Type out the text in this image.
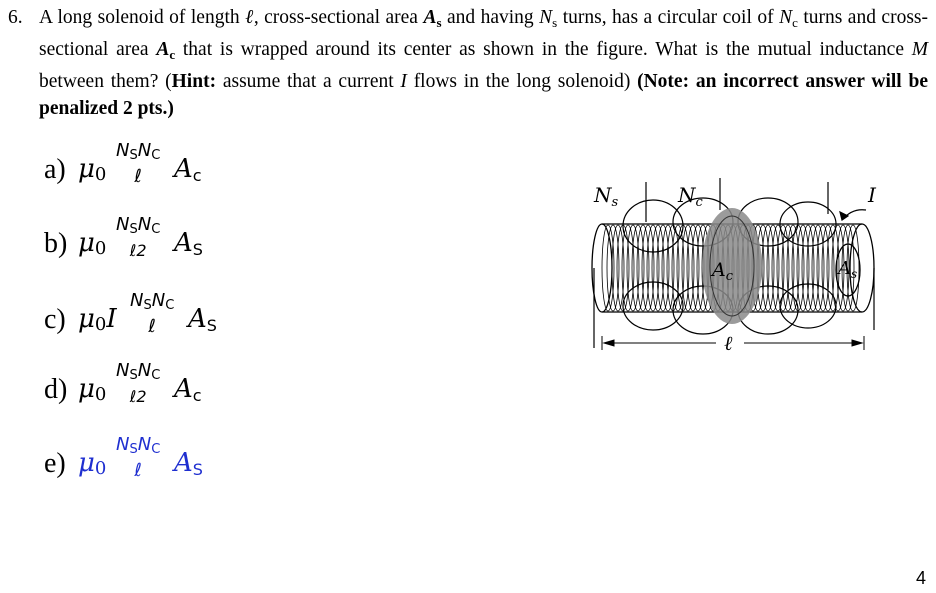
6. A long solenoid of length ℓ, cross-sectional area $A_s$ and having $N_s$ turns, has a circular coil of $N_c$ turns and cross-sectional area $A_c$ that is wrapped around its center as shown in the figure. What is the mutual inductance M between them? (Hint: assume that a current I flows in the long solenoid) (Note: an incorrect answer will be penalized 2 pts.)
a) μ0
NSNC
ℓ Ac
b) μ0
NSNC
ℓ2 AS
c) μ0I
NSNC
ℓ AS
d) μ0
NSNC
ℓ2 Ac
e) μ0
NSNC
ℓ AS
$N_s$	$N_c$	I
$A_c$	$A_s$
ℓ
4
